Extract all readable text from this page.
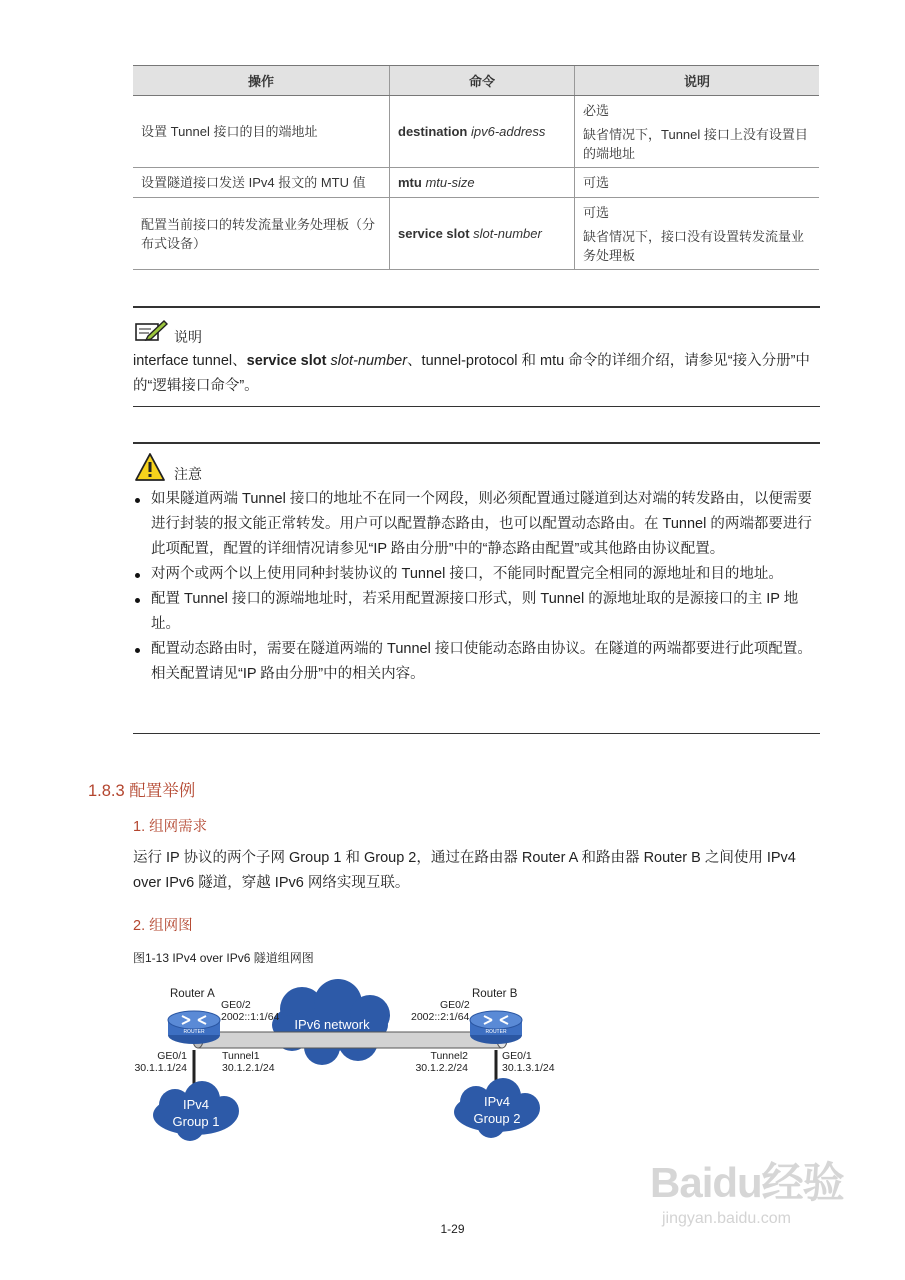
操作	命令	说明
设置 Tunnel 接口的目的端地址	destination ipv6-address	必选

缺省情况下，Tunnel 接口上没有设置目的端地址

设置隧道接口发送 IPv4 报文的 MTU 值	mtu mtu-size	可选

配置当前接口的转发流量业务处理板（分布式设备）	service slot slot-number	可选

缺省情况下，接口没有设置转发流量业务处理板

说明
interface tunnel、service slot slot-number、tunnel-protocol 和 mtu 命令的详细介绍，请参见“接入分册”中的“逻辑接口命令”。
注意
如果隧道两端 Tunnel 接口的地址不在同一个网段，则必须配置通过隧道到达对端的转发路由，以便需要进行封装的报文能正常转发。用户可以配置静态路由，也可以配置动态路由。在 Tunnel 的两端都要进行此项配置，配置的详细情况请参见“IP 路由分册”中的“静态路由配置”或其他路由协议配置。
对两个或两个以上使用同种封装协议的 Tunnel 接口，不能同时配置完全相同的源地址和目的地址。
配置 Tunnel 接口的源端地址时，若采用配置源接口形式，则 Tunnel 的源地址取的是源接口的主 IP 地址。
配置动态路由时，需要在隧道两端的 Tunnel 接口使能动态路由协议。在隧道的两端都要进行此项配置。相关配置请见“IP 路由分册”中的相关内容。
1.8.3 配置举例
1. 组网需求
运行 IP 协议的两个子网 Group 1 和 Group 2，通过在路由器 Router A 和路由器 Router B 之间使用 IPv4 over IPv6 隧道，穿越 IPv6 网络实现互联。
2. 组网图
图1-13 IPv4 over IPv6 隧道组网图
IPv6 network
ROUTER	ROUTER
IPv4
Group 1
IPv4
Group 2
Router A	Router B
GE0/2
2002::1:1/64
GE0/2
2002::2:1/64
Tunnel1
30.1.2.1/24
Tunnel2
30.1.2.2/24
GE0/1
30.1.1.1/24
GE0/1
30.1.3.1/24
Baidu经验
jingyan.baidu.com
1-29
